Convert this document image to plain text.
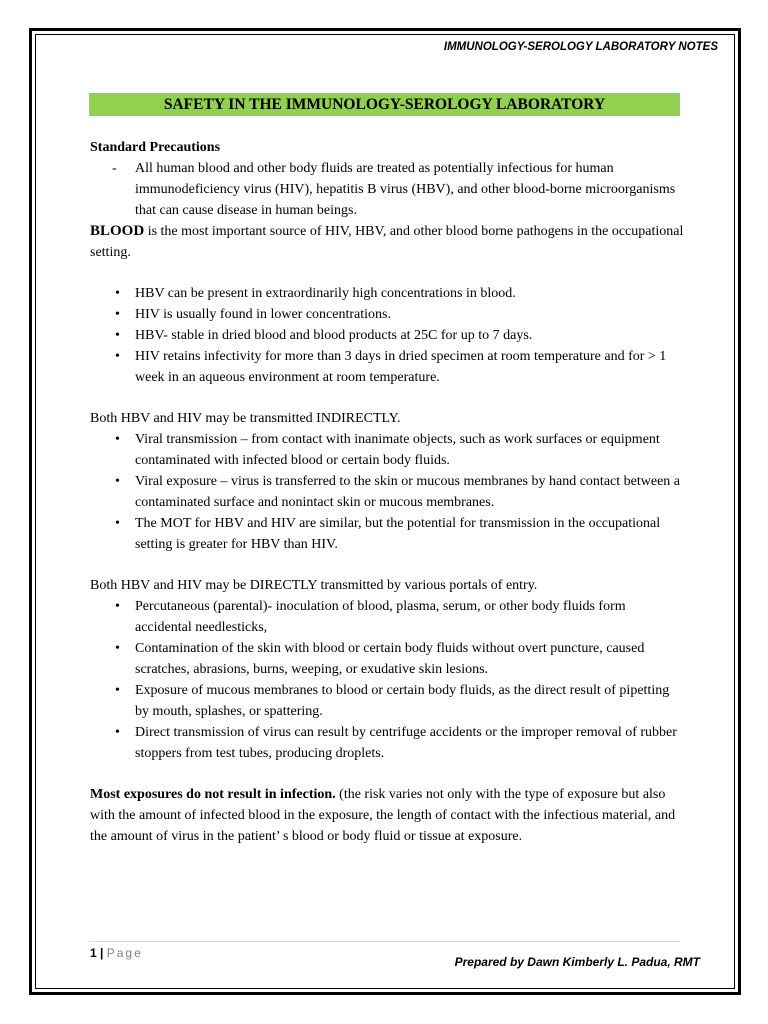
IMMUNOLOGY-SEROLOGY LABORATORY NOTES
SAFETY IN THE IMMUNOLOGY-SEROLOGY LABORATORY

Standard Precautions

-	All human blood and other body fluids are treated as potentially infectious for human immunodeficiency virus (HIV), hepatitis B virus (HBV), and other blood-borne microorganisms that can cause disease in human beings.

BLOOD is the most important source of HIV, HBV, and other blood borne pathogens in the occupational setting.

•	HBV can be present in extraordinarily high concentrations in blood.
•	HIV is usually found in lower concentrations.
•	HBV- stable in dried blood and blood products at 25C for up to 7 days.
•	HIV retains infectivity for more than 3 days in dried specimen at room temperature and for > 1 week in an aqueous environment at room temperature.

Both HBV and HIV may be transmitted INDIRECTLY.

•	Viral transmission – from contact with inanimate objects, such as work surfaces or equipment contaminated with infected blood or certain body fluids.
•	Viral exposure – virus is transferred to the skin or mucous membranes by hand contact between a contaminated surface and nonintact skin or mucous membranes.
•	The MOT for HBV and HIV are similar, but the potential for transmission in the occupational setting is greater for HBV than HIV.

Both HBV and HIV may be DIRECTLY transmitted by various portals of entry.

•	Percutaneous (parental)- inoculation of blood, plasma, serum, or other body fluids form accidental needlesticks,
•	Contamination of the skin with blood or certain body fluids without overt puncture, caused scratches, abrasions, burns, weeping, or exudative skin lesions.
•	Exposure of mucous membranes to blood or certain body fluids, as the direct result of pipetting by mouth, splashes, or spattering.
•	Direct transmission of virus can result by centrifuge accidents or the improper removal of rubber stoppers from test tubes, producing droplets.

Most exposures do not result in infection. (the risk varies not only with the type of exposure but also with the amount of infected blood in the exposure, the length of contact with the infectious material, and the amount of virus in the patient’ s blood or body fluid or tissue at exposure.

1 | Page
Prepared by Dawn Kimberly L. Padua, RMT
